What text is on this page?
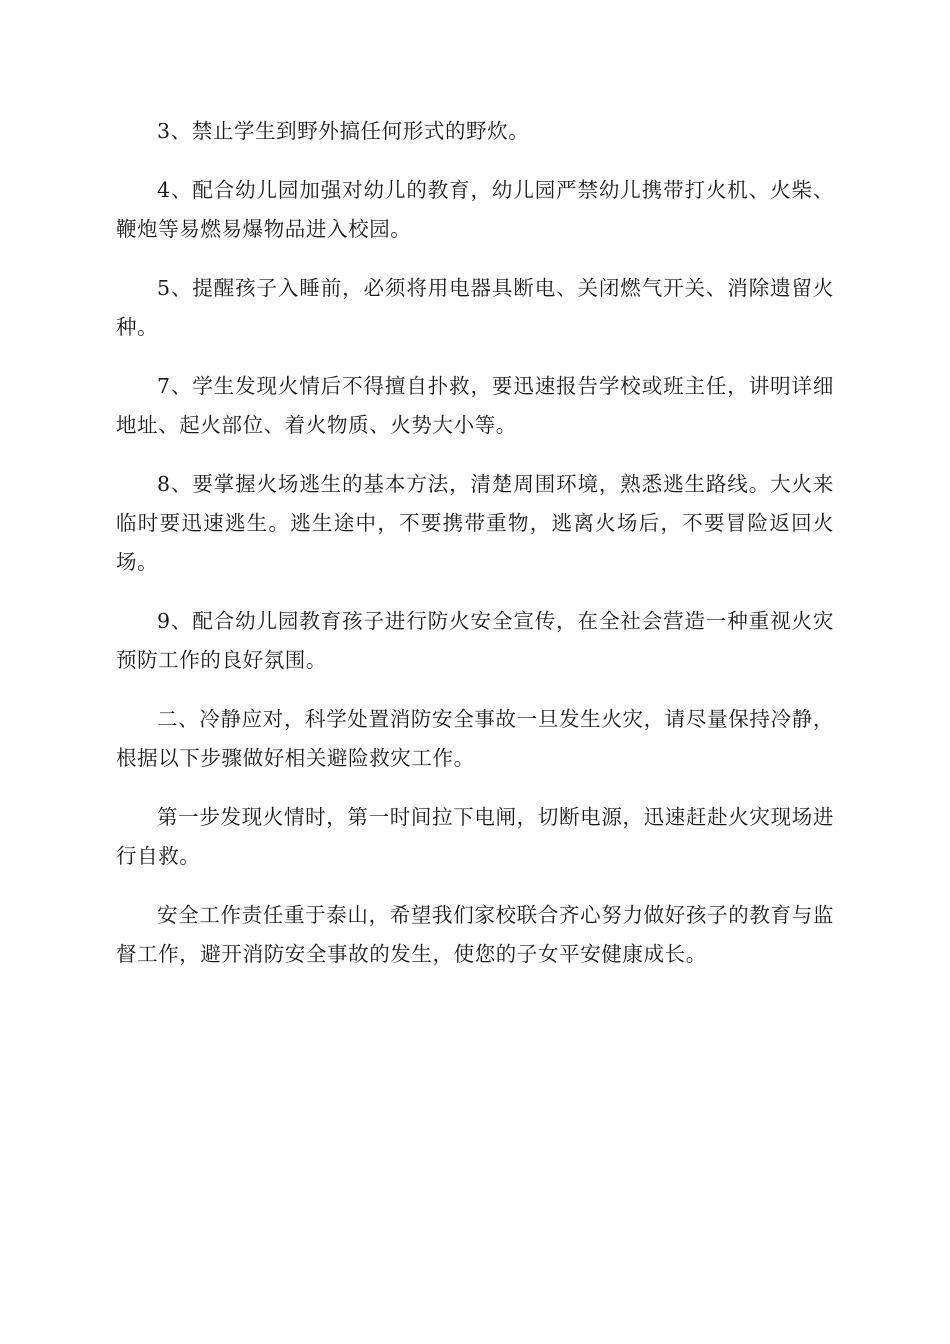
3、禁止学生到野外搞任何形式的野炊。

4、配合幼儿园加强对幼儿的教育，幼儿园严禁幼儿携带打火机、火柴、鞭炮等易燃易爆物品进入校园。

5、提醒孩子入睡前，必须将用电器具断电、关闭燃气开关、消除遗留火种。

7、学生发现火情后不得擅自扑救，要迅速报告学校或班主任，讲明详细地址、起火部位、着火物质、火势大小等。

8、要掌握火场逃生的基本方法，清楚周围环境，熟悉逃生路线。大火来临时要迅速逃生。逃生途中，不要携带重物，逃离火场后，不要冒险返回火场。

9、配合幼儿园教育孩子进行防火安全宣传，在全社会营造一种重视火灾预防工作的良好氛围。

二、冷静应对，科学处置消防安全事故一旦发生火灾，请尽量保持冷静，根据以下步骤做好相关避险救灾工作。

第一步发现火情时，第一时间拉下电闸，切断电源，迅速赶赴火灾现场进行自救。

安全工作责任重于泰山，希望我们家校联合齐心努力做好孩子的教育与监督工作，避开消防安全事故的发生，使您的子女平安健康成长。
